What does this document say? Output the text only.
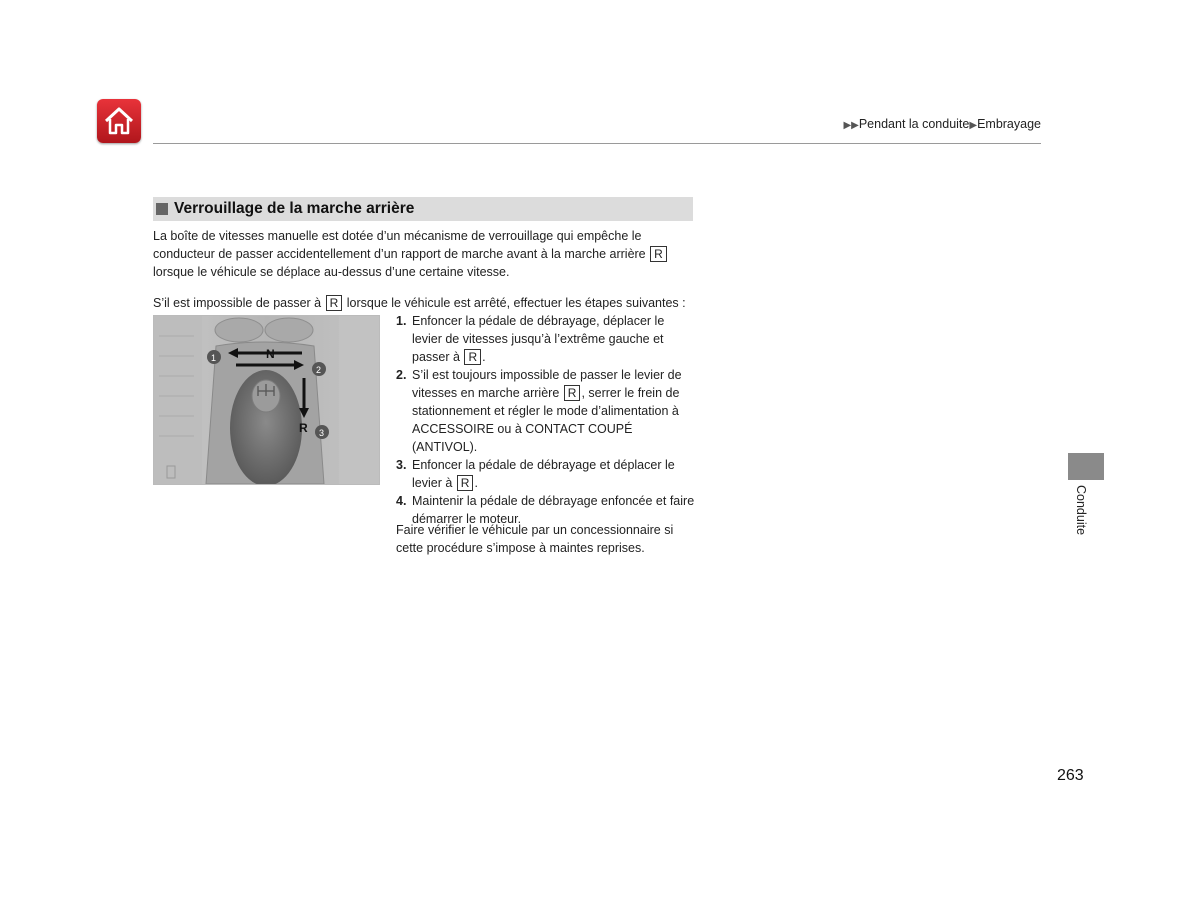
▶▶Pendant la conduite▶Embrayage
Verrouillage de la marche arrière
La boîte de vitesses manuelle est dotée d’un mécanisme de verrouillage qui empêche le conducteur de passer accidentellement d’un rapport de marche avant à la marche arrière R
lorsque le véhicule se déplace au-dessus d’une certaine vitesse.
S’il est impossible de passer à R lorsque le véhicule est arrêté, effectuer les étapes suivantes :
N
R
1
2
3
1. Enfoncer la pédale de débrayage, déplacer le levier de vitesses jusqu’à l’extrême gauche et passer à R .
2. S’il est toujours impossible de passer le levier de vitesses en marche arrière R , serrer le frein de stationnement et régler le mode d’alimentation à ACCESSOIRE ou à CONTACT COUPÉ (ANTIVOL).
3. Enfoncer la pédale de débrayage et déplacer le levier à R .
4. Maintenir la pédale de débrayage enfoncée et faire démarrer le moteur.
Faire vérifier le véhicule par un concessionnaire si cette procédure s’impose à maintes reprises.
Conduite
263
